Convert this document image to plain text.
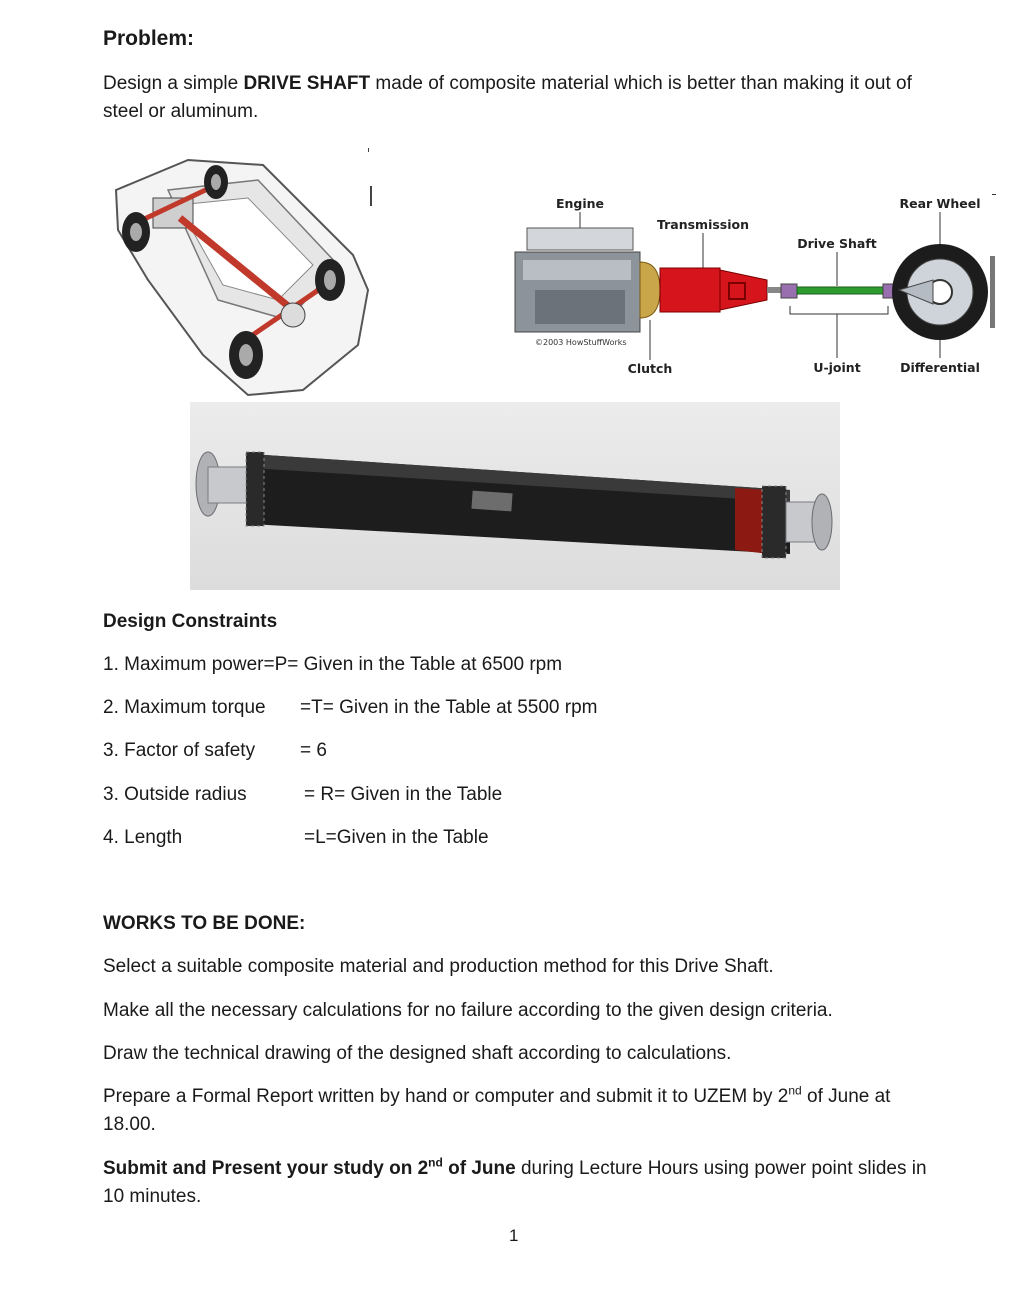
Problem:
Design a simple DRIVE SHAFT made of composite material which is better than making it out of steel or aluminum.
Engine
Transmission
Drive Shaft
Rear Wheel
Clutch	U-joint	Differential
©2003 HowStuffWorks
Design Constraints
1. Maximum power=P= Given in the Table at 6500 rpm
2. Maximum torque =T= Given in the Table at 5500 rpm
3. Factor of safety = 6
3. Outside radius	= R= Given in the Table
4. Length	=L=Given in the Table
WORKS TO BE DONE:
Select a suitable composite material and production method for this Drive Shaft.
Make all the necessary calculations for no failure according to the given design criteria.
Draw the technical drawing of the designed shaft according to calculations.
Prepare a Formal Report written by hand or computer and submit it to UZEM by 2nd of June at 18.00.
Submit and Present your study on 2nd of June during Lecture Hours using power point slides in 10 minutes.
1
